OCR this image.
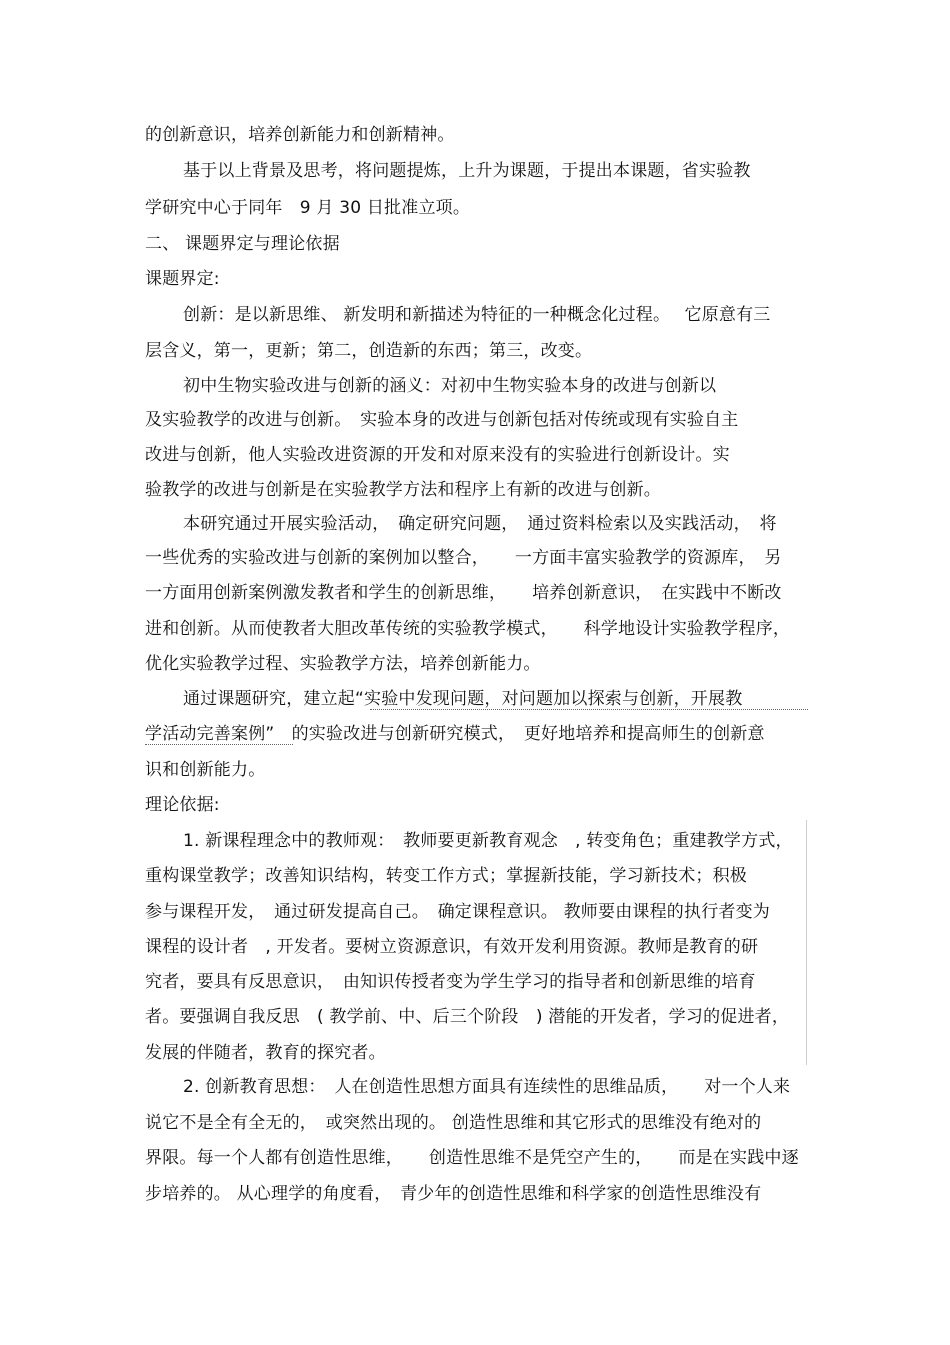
的创新意识，培养创新能力和创新精神。
基于以上背景及思考，将问题提炼，上升为课题，于提出本课题，省实验教
学研究中心于同年　9 月 30 日批准立项。
二、 课题界定与理论依据
课题界定:
创新：是以新思维、 新发明和新描述为特征的一种概念化过程。　 它原意有三
层含义，第一，更新；第二，创造新的东西；第三，改变。
初中生物实验改进与创新的涵义：对初中生物实验本身的改进与创新以
及实验教学的改进与创新。　实验本身的改进与创新包括对传统或现有实验自主
改进与创新，他人实验改进资源的开发和对原来没有的实验进行创新设计。实
验教学的改进与创新是在实验教学方法和程序上有新的改进与创新。
本研究通过开展实验活动，　确定研究问题，　通过资料检索以及实践活动，　将
一些优秀的实验改进与创新的案例加以整合，　　一方面丰富实验教学的资源库，　另
一方面用创新案例激发教者和学生的创新思维，　　培养创新意识，　在实践中不断改
进和创新。从而使教者大胆改革传统的实验教学模式，　　科学地设计实验教学程序，
优化实验教学过程、实验教学方法，培养创新能力。
通过课题研究，建立起“实验中发现问题，对问题加以探索与创新，开展教
学活动完善案例”　的实验改进与创新研究模式，　更好地培养和提高师生的创新意
识和创新能力。
理论依据:
1. 新课程理念中的教师观：　教师要更新教育观念　, 转变角色；重建教学方式，
重构课堂教学；改善知识结构，转变工作方式；掌握新技能，学习新技术；积极
参与课程开发，　通过研发提高自己。　确定课程意识。 教师要由课程的执行者变为
课程的设计者　, 开发者。要树立资源意识，有效开发利用资源。教师是教育的研
究者，要具有反思意识，　由知识传授者变为学生学习的指导者和创新思维的培育
者。要强调自我反思　( 教学前、中、后三个阶段　) 潜能的开发者，学习的促进者，
发展的伴随者，教育的探究者。
2. 创新教育思想：　人在创造性思想方面具有连续性的思维品质，　　对一个人来
说它不是全有全无的，　或突然出现的。 创造性思维和其它形式的思维没有绝对的
界限。每一个人都有创造性思维，　　创造性思维不是凭空产生的，　　而是在实践中逐
步培养的。 从心理学的角度看，　青少年的创造性思维和科学家的创造性思维没有
